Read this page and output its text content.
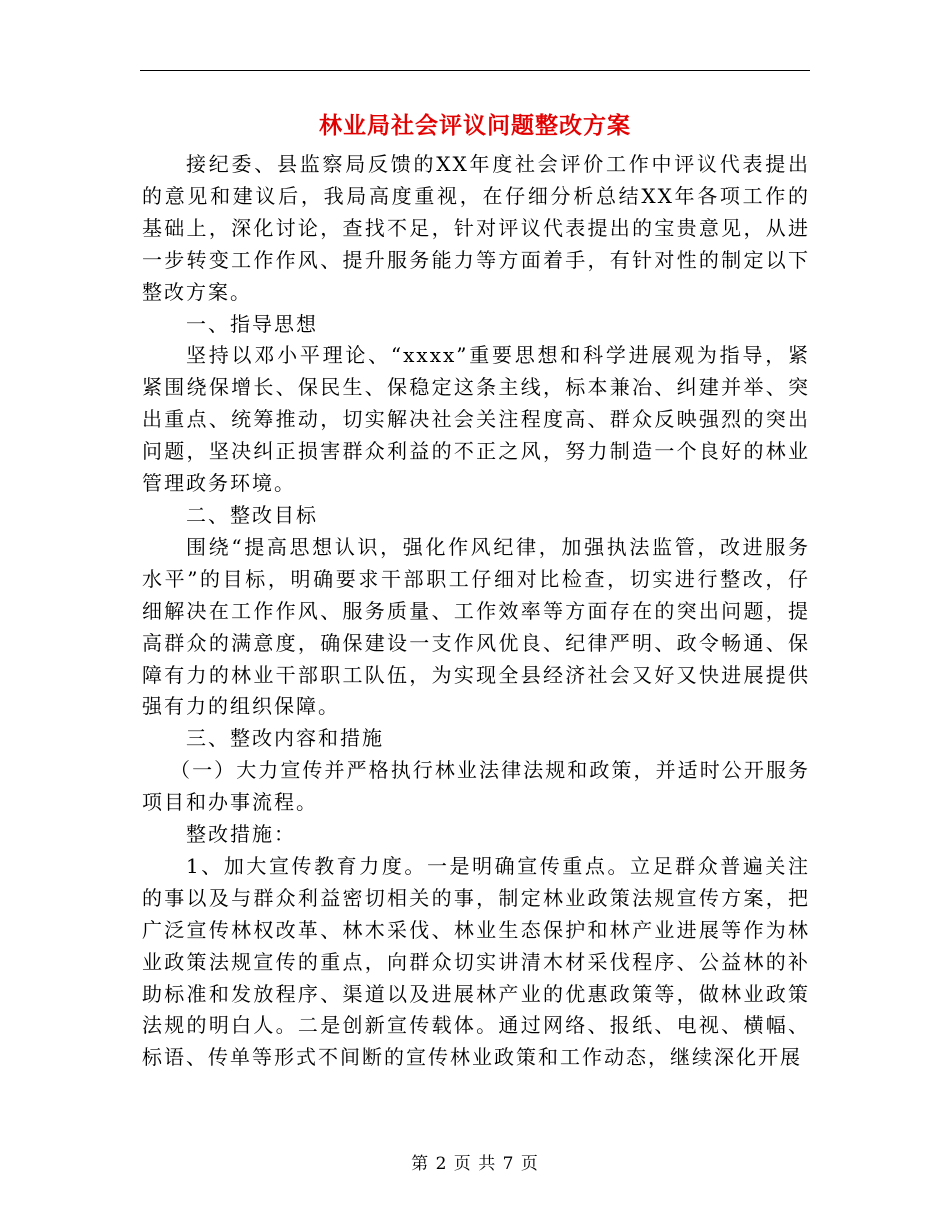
林业局社会评议问题整改方案

接纪委、县监察局反馈的XX年度社会评价工作中评议代表提出的意见和建议后，我局高度重视，在仔细分析总结XX年各项工作的基础上，深化讨论，查找不足，针对评议代表提出的宝贵意见，从进一步转变工作作风、提升服务能力等方面着手，有针对性的制定以下整改方案。

一、指导思想

坚持以邓小平理论、“xxxx”重要思想和科学进展观为指导，紧紧围绕保增长、保民生、保稳定这条主线，标本兼冶、纠建并举、突出重点、统筹推动，切实解决社会关注程度高、群众反映强烈的突出问题，坚决纠正损害群众利益的不正之风，努力制造一个良好的林业管理政务环境。

二、整改目标

围绕“提高思想认识，强化作风纪律，加强执法监管，改进服务水平”的目标，明确要求干部职工仔细对比检查，切实进行整改，仔细解决在工作作风、服务质量、工作效率等方面存在的突出问题，提高群众的满意度，确保建设一支作风优良、纪律严明、政令畅通、保障有力的林业干部职工队伍，为实现全县经济社会又好又快进展提供强有力的组织保障。

三、整改内容和措施

（一）大力宣传并严格执行林业法律法规和政策，并适时公开服务项目和办事流程。

整改措施：

1、加大宣传教育力度。一是明确宣传重点。立足群众普遍关注的事以及与群众利益密切相关的事，制定林业政策法规宣传方案，把广泛宣传林权改革、林木采伐、林业生态保护和林产业进展等作为林业政策法规宣传的重点，向群众切实讲清木材采伐程序、公益林的补助标准和发放程序、渠道以及进展林产业的优惠政策等，做林业政策法规的明白人。二是创新宣传载体。通过网络、报纸、电视、横幅、标语、传单等形式不间断的宣传林业政策和工作动态，继续深化开展

第 2 页 共 7 页
